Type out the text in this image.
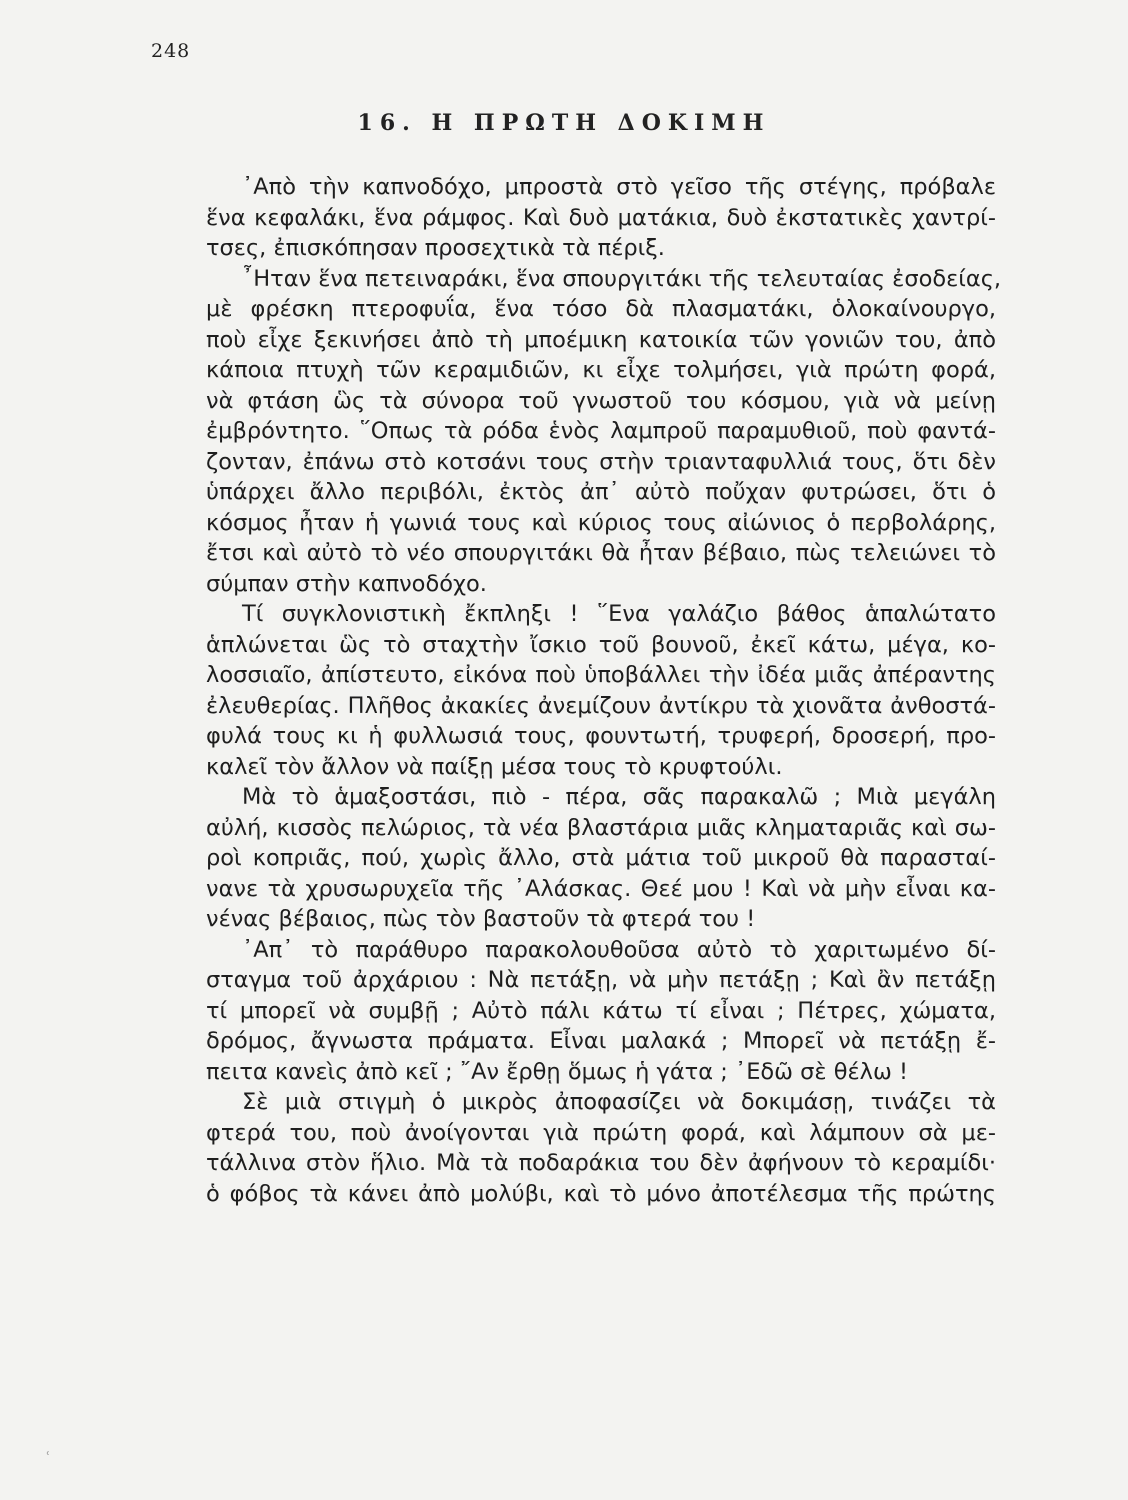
248
16. Η ΠΡΩΤΗ ΔΟΚΙΜΗ
᾿Απὸ τὴν καπνοδόχο, μπροστὰ στὸ γεῖσο τῆς στέγης, πρόβαλε
ἕνα κεφαλάκι, ἕνα ράμφος. Καὶ δυὸ ματάκια, δυὸ ἐκστατικὲς χαντρί-
τσες, ἐπισκόπησαν προσεχτικὰ τὰ πέριξ.
῏Ηταν ἕνα πετειναράκι, ἕνα σπουργιτάκι τῆς τελευταίας ἐσοδείας,
μὲ φρέσκη πτεροφυΐα, ἕνα τόσο δὰ πλασματάκι, ὁλοκαίνουργο,
ποὺ εἶχε ξεκινήσει ἀπὸ τὴ μποέμικη κατοικία τῶν γονιῶν του, ἀπὸ
κάποια πτυχὴ τῶν κεραμιδιῶν, κι εἶχε τολμήσει, γιὰ πρώτη φορά,
νὰ φτάση ὣς τὰ σύνορα τοῦ γνωστοῦ του κόσμου, γιὰ νὰ μείνῃ
ἐμβρόντητο. ῞Οπως τὰ ρόδα ἑνὸς λαμπροῦ παραμυθιοῦ, ποὺ φαντά-
ζονταν, ἐπάνω στὸ κοτσάνι τους στὴν τριανταφυλλιά τους, ὅτι δὲν
ὑπάρχει ἄλλο περιβόλι, ἐκτὸς ἀπ᾿ αὐτὸ ποὔχαν φυτρώσει, ὅτι ὁ
κόσμος ἦταν ἡ γωνιά τους καὶ κύριος τους αἰώνιος ὁ περβολάρης,
ἔτσι καὶ αὐτὸ τὸ νέο σπουργιτάκι θὰ ἦταν βέβαιο, πὼς τελειώνει τὸ
σύμπαν στὴν καπνοδόχο.
Τί συγκλονιστικὴ ἔκπληξι ! ῞Ενα γαλάζιο βάθος ἁπαλώτατο
ἁπλώνεται ὣς τὸ σταχτὴν ἴσκιο τοῦ βουνοῦ, ἐκεῖ κάτω, μέγα, κο-
λοσσιαῖο, ἀπίστευτο, εἰκόνα ποὺ ὑποβάλλει τὴν ἰδέα μιᾶς ἀπέραντης
ἐλευθερίας. Πλῆθος ἀκακίες ἀνεμίζουν ἀντίκρυ τὰ χιονᾶτα ἀνθοστά-
φυλά τους κι ἡ φυλλωσιά τους, φουντωτή, τρυφερή, δροσερή, προ-
καλεῖ τὸν ἄλλον νὰ παίξῃ μέσα τους τὸ κρυφτούλι.
Μὰ τὸ ἁμαξοστάσι, πιὸ - πέρα, σᾶς παρακαλῶ ; Μιὰ μεγάλη
αὐλή, κισσὸς πελώριος, τὰ νέα βλαστάρια μιᾶς κληματαριᾶς καὶ σω-
ροὶ κοπριᾶς, πού, χωρὶς ἄλλο, στὰ μάτια τοῦ μικροῦ θὰ παρασταί-
νανε τὰ χρυσωρυχεῖα τῆς ᾿Αλάσκας. Θεέ μου ! Καὶ νὰ μὴν εἶναι κα-
νένας βέβαιος, πὼς τὸν βαστοῦν τὰ φτερά του !
᾿Απ᾿ τὸ παράθυρο παρακολουθοῦσα αὐτὸ τὸ χαριτωμένο δί-
σταγμα τοῦ ἀρχάριου : Νὰ πετάξῃ, νὰ μὴν πετάξῃ ; Καὶ ἂν πετάξῃ
τί μπορεῖ νὰ συμβῇ ; Αὐτὸ πάλι κάτω τί εἶναι ; Πέτρες, χώματα,
δρόμος, ἄγνωστα πράματα. Εἶναι μαλακά ; Μπορεῖ νὰ πετάξῃ ἔ-
πειτα κανεὶς ἀπὸ κεῖ ; ῎Αν ἔρθῃ ὅμως ἡ γάτα ; ᾿Εδῶ σὲ θέλω !
Σὲ μιὰ στιγμὴ ὁ μικρὸς ἀποφασίζει νὰ δοκιμάσῃ, τινάζει τὰ
φτερά του, ποὺ ἀνοίγονται γιὰ πρώτη φορά, καὶ λάμπουν σὰ με-
τάλλινα στὸν ἥλιο. Μὰ τὰ ποδαράκια του δὲν ἀφήνουν τὸ κεραμίδι·
ὁ φόβος τὰ κάνει ἀπὸ μολύβι, καὶ τὸ μόνο ἀποτέλεσμα τῆς πρώτης
ʿ
